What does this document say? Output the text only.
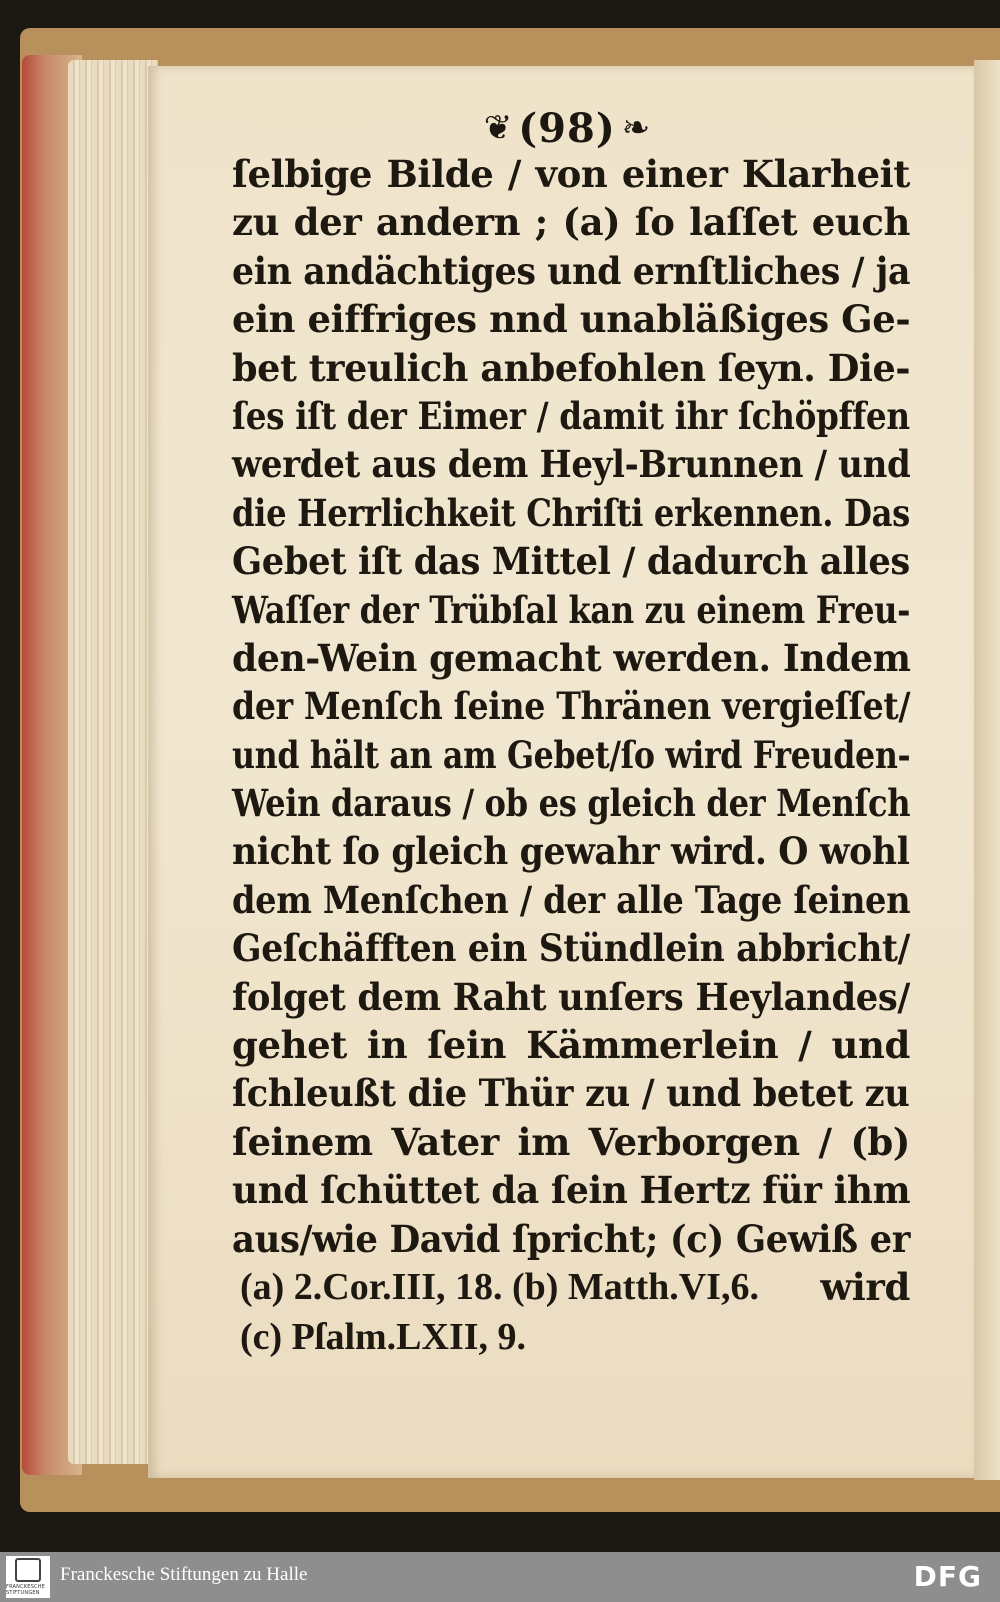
❦ (98) ❧
ſelbige Bilde / von einer Klarheit
zu der andern ; (a) ſo laſſet euch
ein andächtiges und ernſtliches / ja
ein eiffriges nnd unabläßiges Ge-
bet treulich anbefohlen ſeyn. Die-
ſes iſt der Eimer / damit ihr ſchöpffen
werdet aus dem Heyl-Brunnen / und
die Herrlichkeit Chriſti erkennen. Das
Gebet iſt das Mittel / dadurch alles
Waſſer der Trübſal kan zu einem Freu-
den-Wein gemacht werden. Indem
der Menſch ſeine Thränen vergieſſet/
und hält an am Gebet/ſo wird Freuden-
Wein daraus / ob es gleich der Menſch
nicht ſo gleich gewahr wird. O wohl
dem Menſchen / der alle Tage ſeinen
Geſchäfften ein Stündlein abbricht/
folget dem Raht unſers Heylandes/
gehet in ſein Kämmerlein / und
ſchleußt die Thür zu / und betet zu
ſeinem Vater im Verborgen / (b)
und ſchüttet da ſein Hertz für ihm
aus/wie David ſpricht; (c) Gewiß er
wird
(a) 2.Cor.III, 18. (b) Matth.VI,6.
(c) Pſalm.LXII, 9.
FRANCKESCHE STIFTUNGEN
Franckesche Stiftungen zu Halle	DFG
